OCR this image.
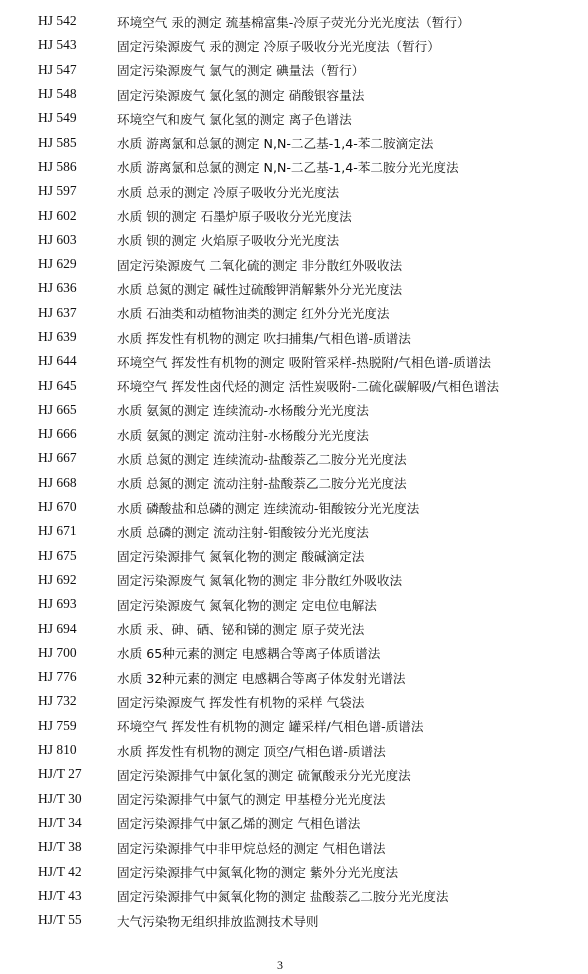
HJ 542	环境空气 汞的测定 巯基棉富集-冷原子荧光分光光度法（暂行）
HJ 543	固定污染源废气 汞的测定 冷原子吸收分光光度法（暂行）
HJ 547	固定污染源废气 氯气的测定 碘量法（暂行）
HJ 548	固定污染源废气 氯化氢的测定 硝酸银容量法
HJ 549	环境空气和废气 氯化氢的测定 离子色谱法
HJ 585	水质 游离氯和总氯的测定 N,N-二乙基-1,4-苯二胺滴定法
HJ 586	水质 游离氯和总氯的测定 N,N-二乙基-1,4-苯二胺分光光度法
HJ 597	水质 总汞的测定 冷原子吸收分光光度法
HJ 602	水质 钡的测定 石墨炉原子吸收分光光度法
HJ 603	水质 钡的测定 火焰原子吸收分光光度法
HJ 629	固定污染源废气 二氧化硫的测定 非分散红外吸收法
HJ 636	水质 总氮的测定 碱性过硫酸钾消解紫外分光光度法
HJ 637	水质 石油类和动植物油类的测定 红外分光光度法
HJ 639	水质 挥发性有机物的测定 吹扫捕集/气相色谱-质谱法
HJ 644	环境空气 挥发性有机物的测定 吸附管采样-热脱附/气相色谱-质谱法
HJ 645	环境空气 挥发性卤代烃的测定 活性炭吸附-二硫化碳解吸/气相色谱法
HJ 665	水质 氨氮的测定 连续流动-水杨酸分光光度法
HJ 666	水质 氨氮的测定 流动注射-水杨酸分光光度法
HJ 667	水质 总氮的测定 连续流动-盐酸萘乙二胺分光光度法
HJ 668	水质 总氮的测定 流动注射-盐酸萘乙二胺分光光度法
HJ 670	水质 磷酸盐和总磷的测定 连续流动-钼酸铵分光光度法
HJ 671	水质 总磷的测定 流动注射-钼酸铵分光光度法
HJ 675	固定污染源排气 氮氧化物的测定 酸碱滴定法
HJ 692	固定污染源废气 氮氧化物的测定 非分散红外吸收法
HJ 693	固定污染源废气 氮氧化物的测定 定电位电解法
HJ 694	水质 汞、砷、硒、铋和锑的测定 原子荧光法
HJ 700	水质 65种元素的测定 电感耦合等离子体质谱法
HJ 776	水质 32种元素的测定 电感耦合等离子体发射光谱法
HJ 732	固定污染源废气 挥发性有机物的采样 气袋法
HJ 759	环境空气 挥发性有机物的测定 罐采样/气相色谱-质谱法
HJ 810	水质 挥发性有机物的测定 顶空/气相色谱-质谱法
HJ/T 27	固定污染源排气中氯化氢的测定 硫氰酸汞分光光度法
HJ/T 30	固定污染源排气中氯气的测定 甲基橙分光光度法
HJ/T 34	固定污染源排气中氯乙烯的测定 气相色谱法
HJ/T 38	固定污染源排气中非甲烷总烃的测定 气相色谱法
HJ/T 42	固定污染源排气中氮氧化物的测定 紫外分光光度法
HJ/T 43	固定污染源排气中氮氧化物的测定 盐酸萘乙二胺分光光度法
HJ/T 55	大气污染物无组织排放监测技术导则
3
